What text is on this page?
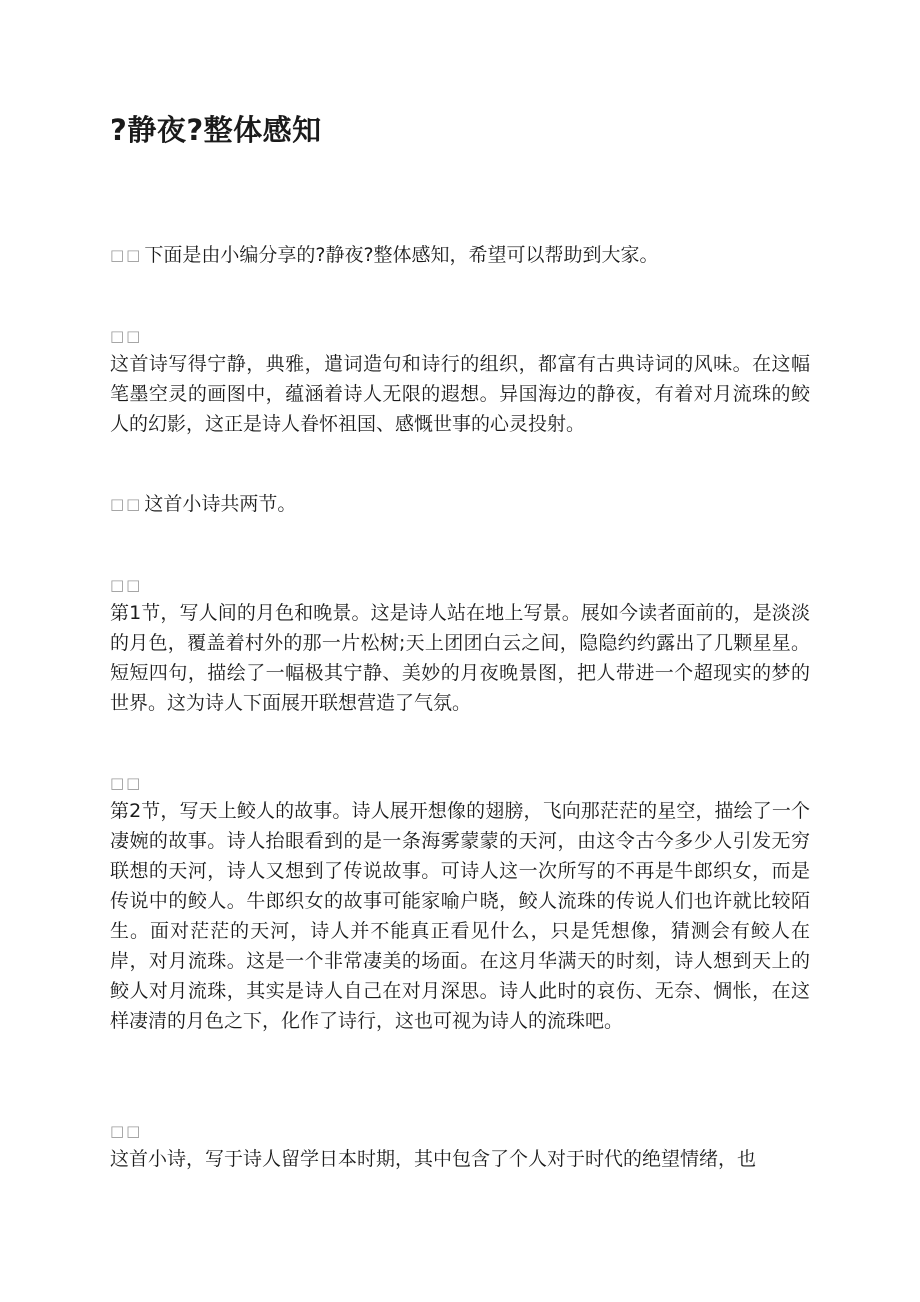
?静夜?整体感知
□□ 下面是由小编分享的?静夜?整体感知，希望可以帮助到大家。
□□
这首诗写得宁静，典雅，遣词造句和诗行的组织，都富有古典诗词的风味。在这幅笔墨空灵的画图中，蕴涵着诗人无限的遐想。异国海边的静夜，有着对月流珠的鲛人的幻影，这正是诗人眷怀祖国、感慨世事的心灵投射。
□□ 这首小诗共两节。
□□
第1节，写人间的月色和晚景。这是诗人站在地上写景。展如今读者面前的，是淡淡的月色，覆盖着村外的那一片松树;天上团团白云之间，隐隐约约露出了几颗星星。短短四句，描绘了一幅极其宁静、美妙的月夜晚景图，把人带进一个超现实的梦的世界。这为诗人下面展开联想营造了气氛。
□□
第2节，写天上鲛人的故事。诗人展开想像的翅膀，飞向那茫茫的星空，描绘了一个凄婉的故事。诗人抬眼看到的是一条海雾蒙蒙的天河，由这令古今多少人引发无穷联想的天河，诗人又想到了传说故事。可诗人这一次所写的不再是牛郎织女，而是传说中的鲛人。牛郎织女的故事可能家喻户晓，鲛人流珠的传说人们也许就比较陌生。面对茫茫的天河，诗人并不能真正看见什么，只是凭想像，猜测会有鲛人在岸，对月流珠。这是一个非常凄美的场面。在这月华满天的时刻，诗人想到天上的鲛人对月流珠，其实是诗人自己在对月深思。诗人此时的哀伤、无奈、惆怅，在这样凄清的月色之下，化作了诗行，这也可视为诗人的流珠吧。
□□
这首小诗，写于诗人留学日本时期，其中包含了个人对于时代的绝望情绪，也
